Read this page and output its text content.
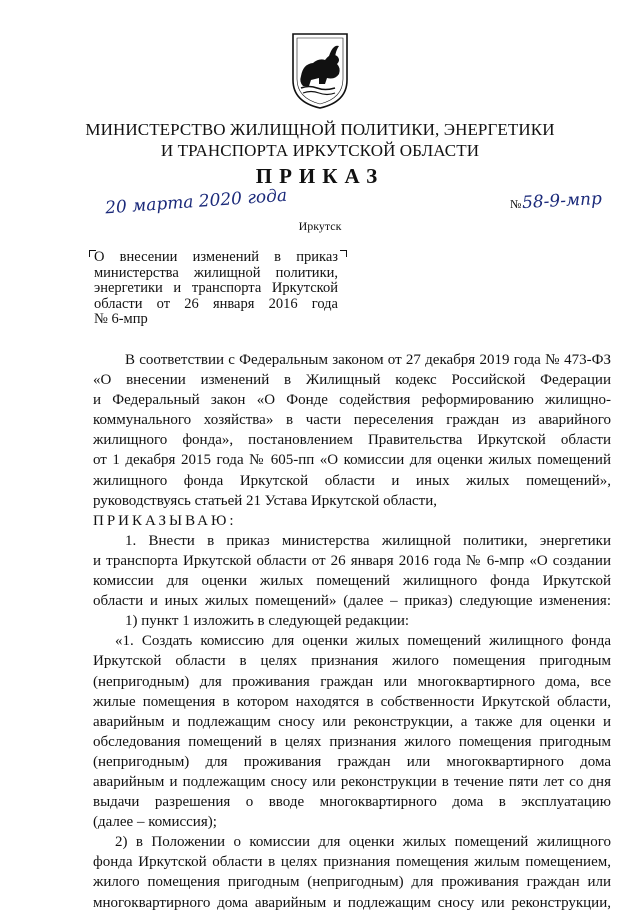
МИНИСТЕРСТВО ЖИЛИЩНОЙ ПОЛИТИКИ, ЭНЕРГЕТИКИ
И ТРАНСПОРТА ИРКУТСКОЙ ОБЛАСТИ
ПРИКАЗ
20 марта 2020 года	№ 58-9-мпр
Иркутск
О внесении изменений в приказ
министерства жилищной политики,
энергетики и транспорта Иркутской
области от 26 января 2016 года
№ 6-мпр
В соответствии с Федеральным законом от 27 декабря 2019 года № 473-ФЗ
«О внесении изменений в Жилищный кодекс Российской Федерации
и Федеральный закон «О Фонде содействия реформированию жилищно-
коммунального хозяйства» в части переселения граждан из аварийного
жилищного фонда», постановлением Правительства Иркутской области
от 1 декабря 2015 года № 605-пп «О комиссии для оценки жилых помещений
жилищного фонда Иркутской области и иных жилых помещений»,
руководствуясь статьей 21 Устава Иркутской области,
ПРИКАЗЫВАЮ:
1. Внести в приказ министерства жилищной политики, энергетики
и транспорта Иркутской области от 26 января 2016 года № 6-мпр «О создании
комиссии для оценки жилых помещений жилищного фонда Иркутской
области и иных жилых помещений» (далее – приказ) следующие изменения:
1) пункт 1 изложить в следующей редакции:
«1. Создать комиссию для оценки жилых помещений жилищного фонда
Иркутской области в целях признания жилого помещения пригодным
(непригодным) для проживания граждан или многоквартирного дома, все
жилые помещения в котором находятся в собственности Иркутской области,
аварийным и подлежащим сносу или реконструкции, а также для оценки и
обследования помещений в целях признания жилого помещения пригодным
(непригодным) для проживания граждан или многоквартирного дома
аварийным и подлежащим сносу или реконструкции в течение пяти лет со дня
выдачи разрешения о вводе многоквартирного дома в эксплуатацию
(далее – комиссия);
2) в Положении о комиссии для оценки жилых помещений жилищного
фонда Иркутской области в целях признания помещения жилым помещением,
жилого помещения пригодным (непригодным) для проживания граждан или
многоквартирного дома аварийным и подлежащим сносу или реконструкции,
